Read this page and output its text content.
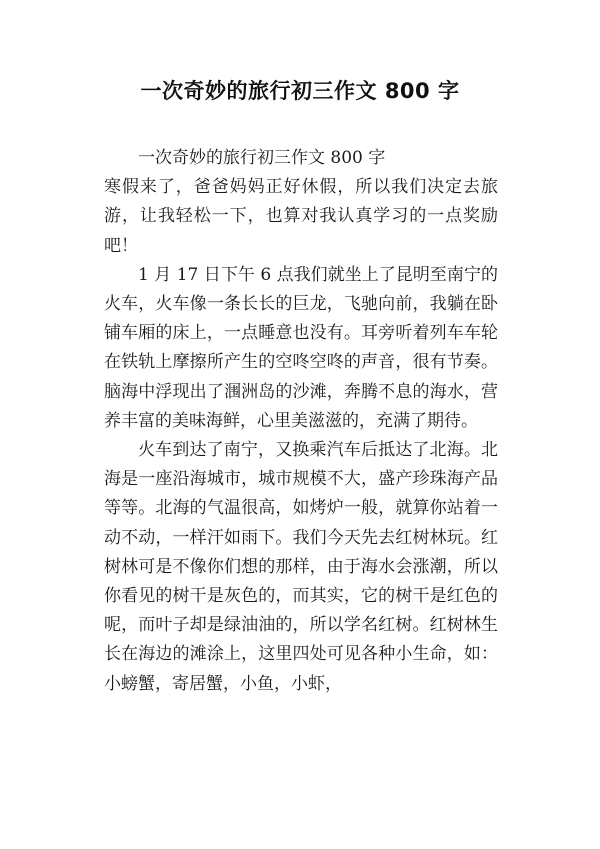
一次奇妙的旅行初三作文 800 字

一次奇妙的旅行初三作文 800 字

寒假来了，爸爸妈妈正好休假，所以我们决定去旅游，让我轻松一下，也算对我认真学习的一点奖励吧！

1 月 17 日下午 6 点我们就坐上了昆明至南宁的火车，火车像一条长长的巨龙，飞驰向前，我躺在卧铺车厢的床上，一点睡意也没有。耳旁听着列车车轮在铁轨上摩擦所产生的空咚空咚的声音，很有节奏。脑海中浮现出了涠洲岛的沙滩，奔腾不息的海水，营养丰富的美味海鲜，心里美滋滋的，充满了期待。

火车到达了南宁，又换乘汽车后抵达了北海。北海是一座沿海城市，城市规模不大，盛产珍珠海产品等等。北海的气温很高，如烤炉一般，就算你站着一动不动，一样汗如雨下。我们今天先去红树林玩。红树林可是不像你们想的那样，由于海水会涨潮，所以你看见的树干是灰色的，而其实，它的树干是红色的呢，而叶子却是绿油油的，所以学名红树。红树林生长在海边的滩涂上，这里四处可见各种小生命，如：小螃蟹，寄居蟹，小鱼，小虾，
